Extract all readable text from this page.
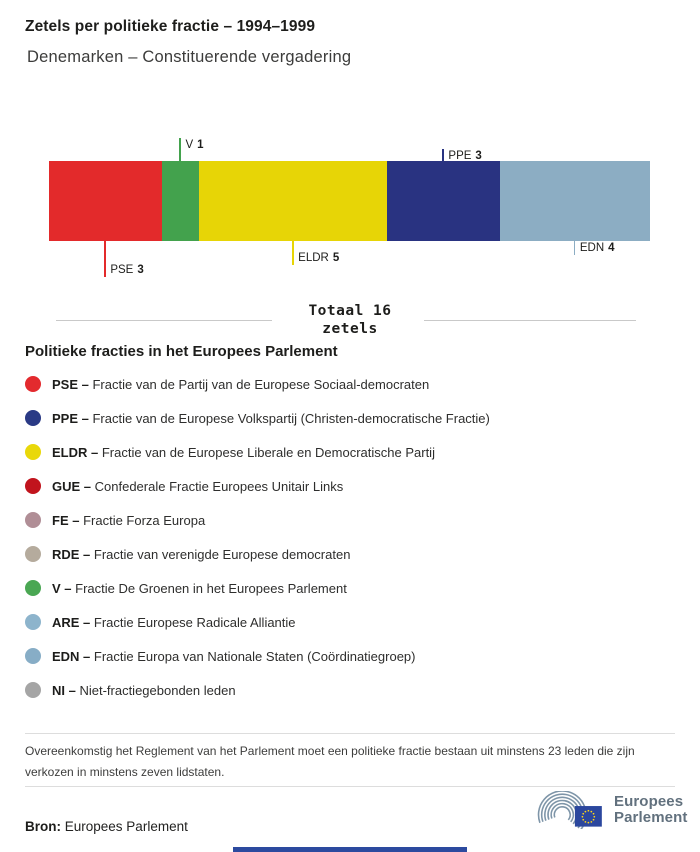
Zetels per politieke fractie – 1994–1999
Denemarken – Constituerende vergadering
PSE 3
V 1
ELDR 5
PPE 3
EDN 4
Totaal 16
zetels
Politieke fracties in het Europees Parlement
PSE – Fractie van de Partij van de Europese Sociaal-democraten
PPE – Fractie van de Europese Volkspartij (Christen-democratische Fractie)
ELDR – Fractie van de Europese Liberale en Democratische Partij
GUE – Confederale Fractie Europees Unitair Links
FE – Fractie Forza Europa
RDE – Fractie van verenigde Europese democraten
V – Fractie De Groenen in het Europees Parlement
ARE – Fractie Europese Radicale Alliantie
EDN – Fractie Europa van Nationale Staten (Coördinatiegroep)
NI – Niet-fractiegebonden leden

Overeenkomstig het Reglement van het Parlement moet een politieke fractie bestaan uit minstens 23 leden die zijn verkozen in minstens zeven lidstaten.

Bron: Europees Parlement
Europees
Parlement
